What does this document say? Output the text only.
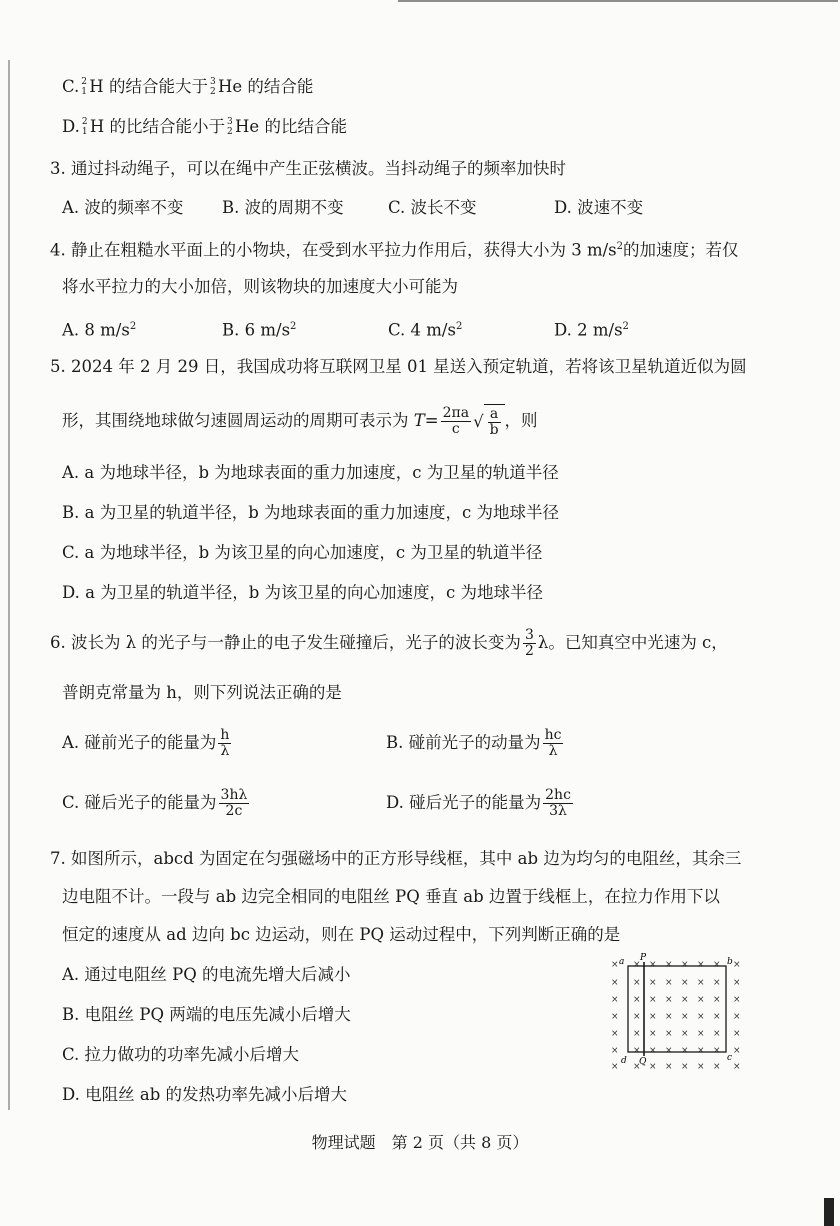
C. 2
1 H 的结合能大于 3
2 He 的结合能
D. 2
1 H 的比结合能小于 3
2 He 的比结合能
3. 通过抖动绳子，可以在绳中产生正弦横波。当抖动绳子的频率加快时
A. 波的频率不变 B. 波的周期不变	C. 波长不变	D. 波速不变
4. 静止在粗糙水平面上的小物块，在受到水平拉力作用后，获得大小为 3 $m/s^2$的加速度；若仅
将水平拉力的大小加倍，则该物块的加速度大小可能为
A. 8 $m/s^2$	B. 6 $m/s^2$	C. 4 $m/s^2$	D. 2 $m/s^2$
5. 2024 年 2 月 29 日，我国成功将互联网卫星 01 星送入预定轨道，若将该卫星轨道近似为圆
形，其围绕地球做匀速圆周运动的周期可表示为 $T= \frac{2\pi a}{c}$ √ $\frac{a}{b}$ ，则
A. a 为地球半径，b 为地球表面的重力加速度，c 为卫星的轨道半径
B. a 为卫星的轨道半径，b 为地球表面的重力加速度，c 为地球半径
C. a 为地球半径，b 为该卫星的向心加速度，c 为卫星的轨道半径
D. a 为卫星的轨道半径，b 为该卫星的向心加速度，c 为地球半径
6. 波长为 λ 的光子与一静止的电子发生碰撞后，光子的波长变为 $\frac{3}{2}$ λ。已知真空中光速为 c，
普朗克常量为 h，则下列说法正确的是
A. 碰前光子的能量为 $\frac{h}{\lambda}$	B. 碰前光子的动量为 $\frac{hc}{\lambda}$
C. 碰后光子的能量为 $\frac{3h\lambda}{2c}$	D. 碰后光子的能量为 $\frac{2hc}{3\lambda}$
7. 如图所示，abcd 为固定在匀强磁场中的正方形导线框，其中 ab 边为均匀的电阻丝，其余三
边电阻不计。一段与 ab 边完全相同的电阻丝 PQ 垂直 ab 边置于线框上，在拉力作用下以
恒定的速度从 ad 边向 bc 边运动，则在 PQ 运动过程中，下列判断正确的是
A. 通过电阻丝 PQ 的电流先增大后减小
B. 电阻丝 PQ 两端的电压先减小后增大
C. 拉力做功的功率先减小后增大
D. 电阻丝 ab 的发热功率先减小后增大
× × × × × × × ×
× × × × × × × ×
× × × × × × × ×
× × × × × × × ×
× × × × × × × ×
× × × × × × × ×
× × × × × × × ×
a P	b
c
d Q
物理试题　第 2 页（共 8 页）
